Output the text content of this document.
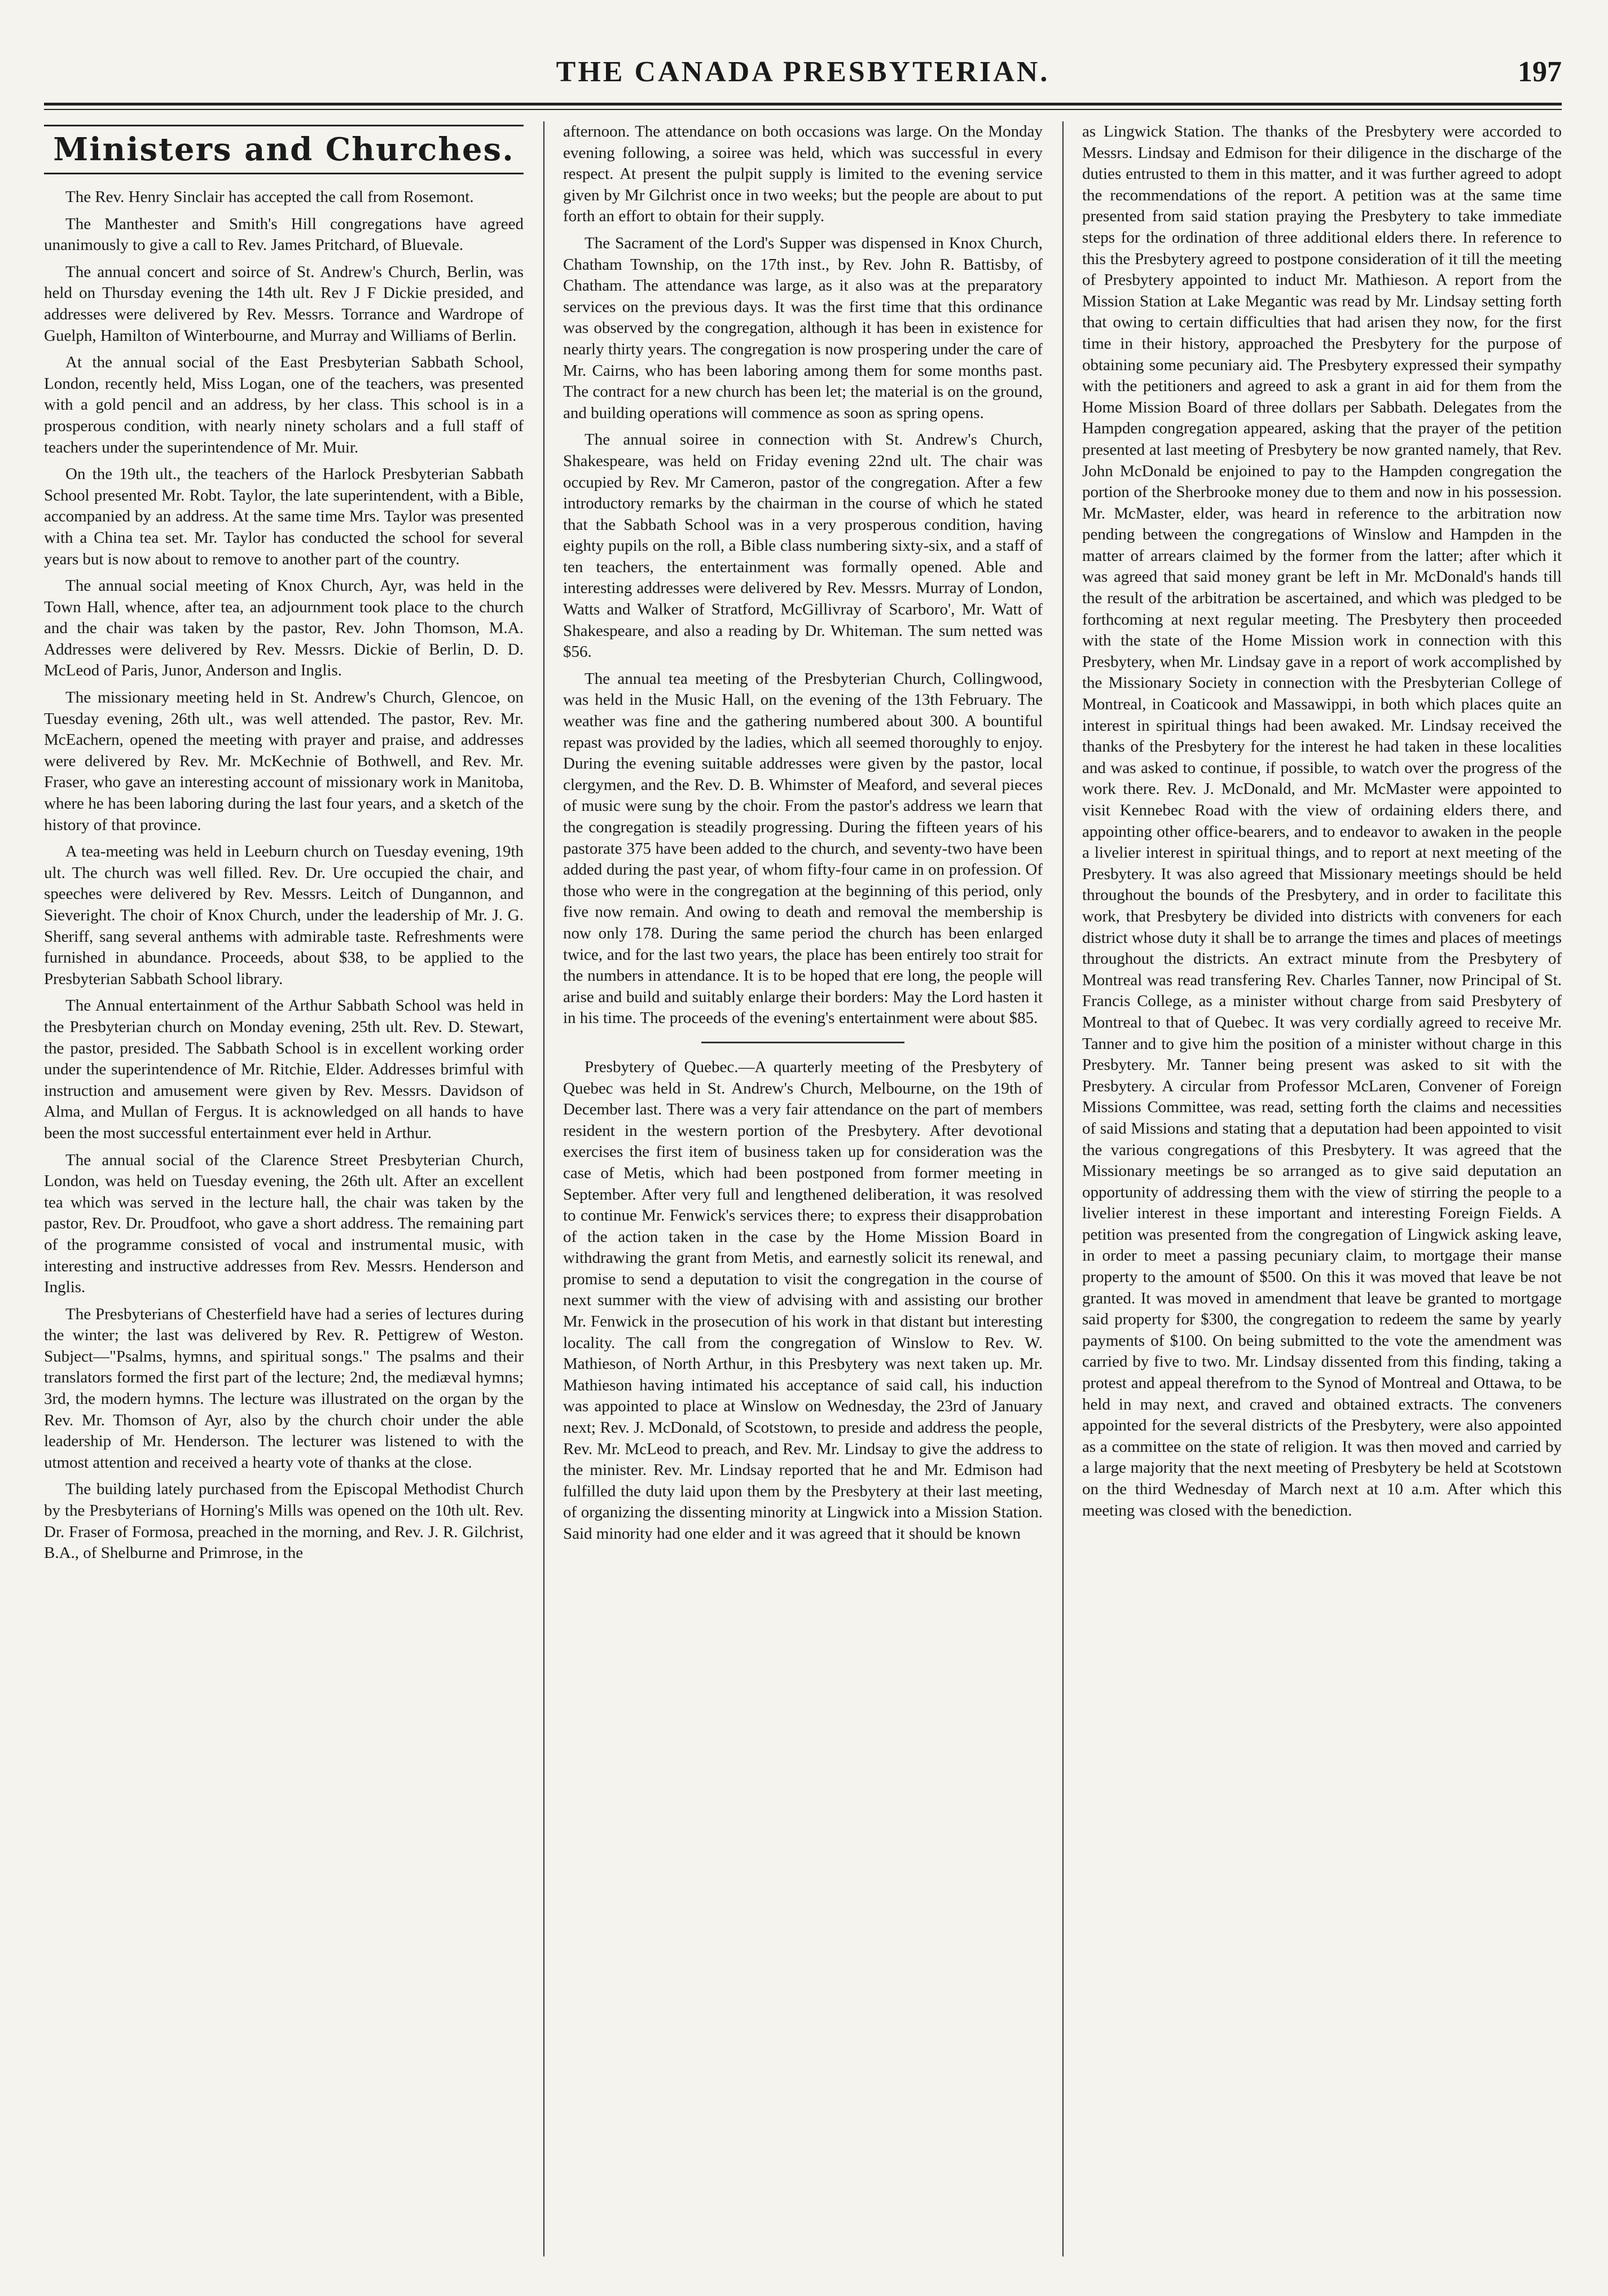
THE CANADA PRESBYTERIAN.	197
Ministers and Churches.

The Rev. Henry Sinclair has accepted the call from Rosemont.

The Manthester and Smith's Hill congregations have agreed unanimously to give a call to Rev. James Pritchard, of Bluevale.

The annual concert and soirce of St. Andrew's Church, Berlin, was held on Thursday evening the 14th ult. Rev J F Dickie presided, and addresses were delivered by Rev. Messrs. Torrance and Wardrope of Guelph, Hamilton of Winterbourne, and Murray and Williams of Berlin.

At the annual social of the East Presbyterian Sabbath School, London, recently held, Miss Logan, one of the teachers, was presented with a gold pencil and an address, by her class. This school is in a prosperous condition, with nearly ninety scholars and a full staff of teachers under the superintendence of Mr. Muir.

On the 19th ult., the teachers of the Harlock Presbyterian Sabbath School presented Mr. Robt. Taylor, the late superintendent, with a Bible, accompanied by an address. At the same time Mrs. Taylor was presented with a China tea set. Mr. Taylor has conducted the school for several years but is now about to remove to another part of the country.

The annual social meeting of Knox Church, Ayr, was held in the Town Hall, whence, after tea, an adjournment took place to the church and the chair was taken by the pastor, Rev. John Thomson, M.A. Addresses were delivered by Rev. Messrs. Dickie of Berlin, D. D. McLeod of Paris, Junor, Anderson and Inglis.

The missionary meeting held in St. Andrew's Church, Glencoe, on Tuesday evening, 26th ult., was well attended. The pastor, Rev. Mr. McEachern, opened the meeting with prayer and praise, and addresses were delivered by Rev. Mr. McKechnie of Bothwell, and Rev. Mr. Fraser, who gave an interesting account of missionary work in Manitoba, where he has been laboring during the last four years, and a sketch of the history of that province.

A tea-meeting was held in Leeburn church on Tuesday evening, 19th ult. The church was well filled. Rev. Dr. Ure occupied the chair, and speeches were delivered by Rev. Messrs. Leitch of Dungannon, and Sieveright. The choir of Knox Church, under the leadership of Mr. J. G. Sheriff, sang several anthems with admirable taste. Refreshments were furnished in abundance. Proceeds, about $38, to be applied to the Presbyterian Sabbath School library.

The Annual entertainment of the Arthur Sabbath School was held in the Presbyterian church on Monday evening, 25th ult. Rev. D. Stewart, the pastor, presided. The Sabbath School is in excellent working order under the superintendence of Mr. Ritchie, Elder. Addresses brimful with instruction and amusement were given by Rev. Messrs. Davidson of Alma, and Mullan of Fergus. It is acknowledged on all hands to have been the most successful entertainment ever held in Arthur.

The annual social of the Clarence Street Presbyterian Church, London, was held on Tuesday evening, the 26th ult. After an excellent tea which was served in the lecture hall, the chair was taken by the pastor, Rev. Dr. Proudfoot, who gave a short address. The remaining part of the programme consisted of vocal and instrumental music, with interesting and instructive addresses from Rev. Messrs. Henderson and Inglis.

The Presbyterians of Chesterfield have had a series of lectures during the winter; the last was delivered by Rev. R. Pettigrew of Weston. Subject—"Psalms, hymns, and spiritual songs." The psalms and their translators formed the first part of the lecture; 2nd, the mediæval hymns; 3rd, the modern hymns. The lecture was illustrated on the organ by the Rev. Mr. Thomson of Ayr, also by the church choir under the able leadership of Mr. Henderson. The lecturer was listened to with the utmost attention and received a hearty vote of thanks at the close.

The building lately purchased from the Episcopal Methodist Church by the Presbyterians of Horning's Mills was opened on the 10th ult. Rev. Dr. Fraser of Formosa, preached in the morning, and Rev. J. R. Gilchrist, B.A., of Shelburne and Primrose, in the

afternoon. The attendance on both occasions was large. On the Monday evening following, a soiree was held, which was successful in every respect. At present the pulpit supply is limited to the evening service given by Mr Gilchrist once in two weeks; but the people are about to put forth an effort to obtain for their supply.

The Sacrament of the Lord's Supper was dispensed in Knox Church, Chatham Township, on the 17th inst., by Rev. John R. Battisby, of Chatham. The attendance was large, as it also was at the preparatory services on the previous days. It was the first time that this ordinance was observed by the congregation, although it has been in existence for nearly thirty years. The congregation is now prospering under the care of Mr. Cairns, who has been laboring among them for some months past. The contract for a new church has been let; the material is on the ground, and building operations will commence as soon as spring opens.

The annual soiree in connection with St. Andrew's Church, Shakespeare, was held on Friday evening 22nd ult. The chair was occupied by Rev. Mr Cameron, pastor of the congregation. After a few introductory remarks by the chairman in the course of which he stated that the Sabbath School was in a very prosperous condition, having eighty pupils on the roll, a Bible class numbering sixty-six, and a staff of ten teachers, the entertainment was formally opened. Able and interesting addresses were delivered by Rev. Messrs. Murray of London, Watts and Walker of Stratford, McGillivray of Scarboro', Mr. Watt of Shakespeare, and also a reading by Dr. Whiteman. The sum netted was $56.

The annual tea meeting of the Presbyterian Church, Collingwood, was held in the Music Hall, on the evening of the 13th February. The weather was fine and the gathering numbered about 300. A bountiful repast was provided by the ladies, which all seemed thoroughly to enjoy. During the evening suitable addresses were given by the pastor, local clergymen, and the Rev. D. B. Whimster of Meaford, and several pieces of music were sung by the choir. From the pastor's address we learn that the congregation is steadily progressing. During the fifteen years of his pastorate 375 have been added to the church, and seventy-two have been added during the past year, of whom fifty-four came in on profession. Of those who were in the congregation at the beginning of this period, only five now remain. And owing to death and removal the membership is now only 178. During the same period the church has been enlarged twice, and for the last two years, the place has been entirely too strait for the numbers in attendance. It is to be hoped that ere long, the people will arise and build and suitably enlarge their borders: May the Lord hasten it in his time. The proceeds of the evening's entertainment were about $85.

Presbytery of Quebec.—A quarterly meeting of the Presbytery of Quebec was held in St. Andrew's Church, Melbourne, on the 19th of December last. There was a very fair attendance on the part of members resident in the western portion of the Presbytery. After devotional exercises the first item of business taken up for consideration was the case of Metis, which had been postponed from former meeting in September. After very full and lengthened deliberation, it was resolved to continue Mr. Fenwick's services there; to express their disapprobation of the action taken in the case by the Home Mission Board in withdrawing the grant from Metis, and earnestly solicit its renewal, and promise to send a deputation to visit the congregation in the course of next summer with the view of advising with and assisting our brother Mr. Fenwick in the prosecution of his work in that distant but interesting locality. The call from the congregation of Winslow to Rev. W. Mathieson, of North Arthur, in this Presbytery was next taken up. Mr. Mathieson having intimated his acceptance of said call, his induction was appointed to place at Winslow on Wednesday, the 23rd of January next; Rev. J. McDonald, of Scotstown, to preside and address the people, Rev. Mr. McLeod to preach, and Rev. Mr. Lindsay to give the address to the minister. Rev. Mr. Lindsay reported that he and Mr. Edmison had fulfilled the duty laid upon them by the Presbytery at their last meeting, of organizing the dissenting minority at Lingwick into a Mission Station. Said minority had one elder and it was agreed that it should be known

as Lingwick Station. The thanks of the Presbytery were accorded to Messrs. Lindsay and Edmison for their diligence in the discharge of the duties entrusted to them in this matter, and it was further agreed to adopt the recommendations of the report. A petition was at the same time presented from said station praying the Presbytery to take immediate steps for the ordination of three additional elders there. In reference to this the Presbytery agreed to postpone consideration of it till the meeting of Presbytery appointed to induct Mr. Mathieson. A report from the Mission Station at Lake Megantic was read by Mr. Lindsay setting forth that owing to certain difficulties that had arisen they now, for the first time in their history, approached the Presbytery for the purpose of obtaining some pecuniary aid. The Presbytery expressed their sympathy with the petitioners and agreed to ask a grant in aid for them from the Home Mission Board of three dollars per Sabbath. Delegates from the Hampden congregation appeared, asking that the prayer of the petition presented at last meeting of Presbytery be now granted namely, that Rev. John McDonald be enjoined to pay to the Hampden congregation the portion of the Sherbrooke money due to them and now in his possession. Mr. McMaster, elder, was heard in reference to the arbitration now pending between the congregations of Winslow and Hampden in the matter of arrears claimed by the former from the latter; after which it was agreed that said money grant be left in Mr. McDonald's hands till the result of the arbitration be ascertained, and which was pledged to be forthcoming at next regular meeting. The Presbytery then proceeded with the state of the Home Mission work in connection with this Presbytery, when Mr. Lindsay gave in a report of work accomplished by the Missionary Society in connection with the Presbyterian College of Montreal, in Coaticook and Massawippi, in both which places quite an interest in spiritual things had been awaked. Mr. Lindsay received the thanks of the Presbytery for the interest he had taken in these localities and was asked to continue, if possible, to watch over the progress of the work there. Rev. J. McDonald, and Mr. McMaster were appointed to visit Kennebec Road with the view of ordaining elders there, and appointing other office-bearers, and to endeavor to awaken in the people a livelier interest in spiritual things, and to report at next meeting of the Presbytery. It was also agreed that Missionary meetings should be held throughout the bounds of the Presbytery, and in order to facilitate this work, that Presbytery be divided into districts with conveners for each district whose duty it shall be to arrange the times and places of meetings throughout the districts. An extract minute from the Presbytery of Montreal was read transfering Rev. Charles Tanner, now Principal of St. Francis College, as a minister without charge from said Presbytery of Montreal to that of Quebec. It was very cordially agreed to receive Mr. Tanner and to give him the position of a minister without charge in this Presbytery. Mr. Tanner being present was asked to sit with the Presbytery. A circular from Professor McLaren, Convener of Foreign Missions Committee, was read, setting forth the claims and necessities of said Missions and stating that a deputation had been appointed to visit the various congregations of this Presbytery. It was agreed that the Missionary meetings be so arranged as to give said deputation an opportunity of addressing them with the view of stirring the people to a livelier interest in these important and interesting Foreign Fields. A petition was presented from the congregation of Lingwick asking leave, in order to meet a passing pecuniary claim, to mortgage their manse property to the amount of $500. On this it was moved that leave be not granted. It was moved in amendment that leave be granted to mortgage said property for $300, the congregation to redeem the same by yearly payments of $100. On being submitted to the vote the amendment was carried by five to two. Mr. Lindsay dissented from this finding, taking a protest and appeal therefrom to the Synod of Montreal and Ottawa, to be held in may next, and craved and obtained extracts. The conveners appointed for the several districts of the Presbytery, were also appointed as a committee on the state of religion. It was then moved and carried by a large majority that the next meeting of Presbytery be held at Scotstown on the third Wednesday of March next at 10 a.m. After which this meeting was closed with the benediction.
